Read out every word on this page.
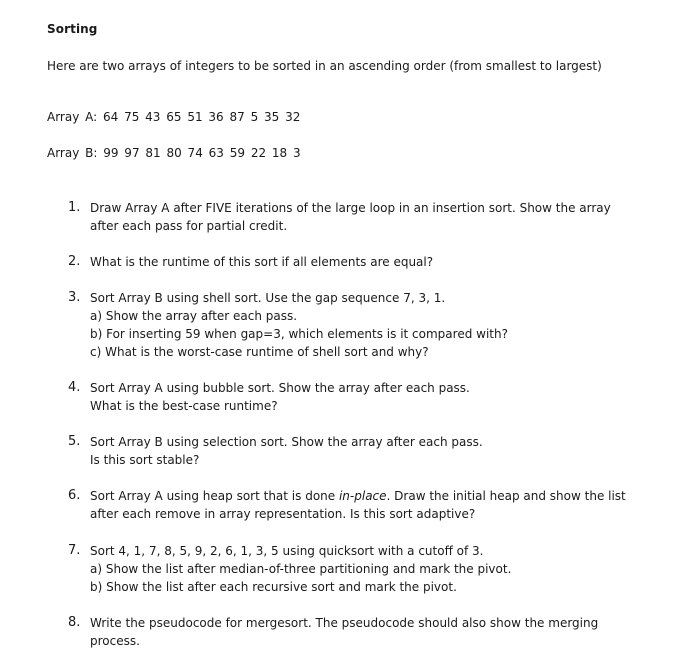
Sorting
Here are two arrays of integers to be sorted in an ascending order (from smallest to largest)
Array A: 64 75 43 65 51 36 87 5 35 32
Array B: 99 97 81 80 74 63 59 22 18 3
1. Draw Array A after FIVE iterations of the large loop in an insertion sort. Show the array
after each pass for partial credit.
2. What is the runtime of this sort if all elements are equal?
3. Sort Array B using shell sort. Use the gap sequence 7, 3, 1.
a) Show the array after each pass.
b) For inserting 59 when gap=3, which elements is it compared with?
c) What is the worst-case runtime of shell sort and why?
4. Sort Array A using bubble sort. Show the array after each pass.
What is the best-case runtime?
5. Sort Array B using selection sort. Show the array after each pass.
Is this sort stable?
6. Sort Array A using heap sort that is done in-place. Draw the initial heap and show the list
after each remove in array representation. Is this sort adaptive?
7. Sort 4, 1, 7, 8, 5, 9, 2, 6, 1, 3, 5 using quicksort with a cutoff of 3.
a) Show the list after median-of-three partitioning and mark the pivot.
b) Show the list after each recursive sort and mark the pivot.
8. Write the pseudocode for mergesort. The pseudocode should also show the merging
process.
